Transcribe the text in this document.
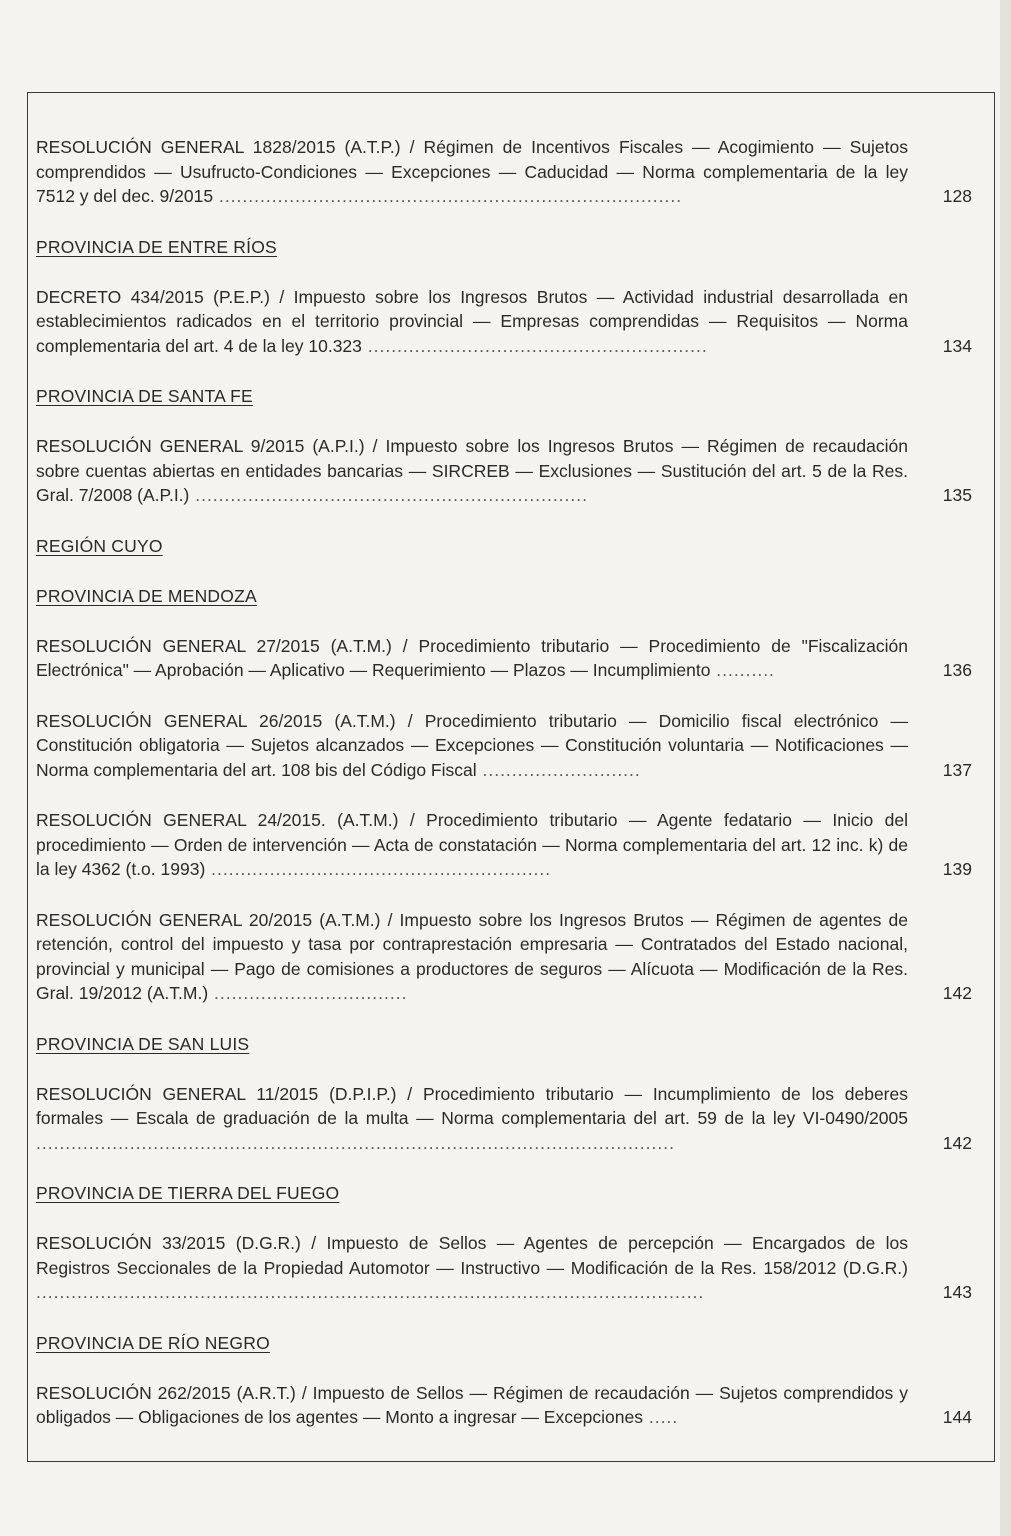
RESOLUCIÓN GENERAL 1828/2015 (A.T.P.) / Régimen de Incentivos Fiscales — Acogimiento — Sujetos comprendidos — Usufructo-Condiciones — Excepciones — Caducidad — Norma complementaria de la ley 7512 y del dec. 9/2015 ...............................................................................	128
PROVINCIA DE ENTRE RÍOS
DECRETO 434/2015 (P.E.P.) / Impuesto sobre los Ingresos Brutos — Actividad industrial desarrollada en establecimientos radicados en el territorio provincial — Empresas comprendidas — Requisitos — Norma complementaria del art. 4 de la ley 10.323 ..........................................................	134
PROVINCIA DE SANTA FE
RESOLUCIÓN GENERAL 9/2015 (A.P.I.) / Impuesto sobre los Ingresos Brutos — Régimen de recaudación sobre cuentas abiertas en entidades bancarias — SIRCREB — Exclusiones — Sustitución del art. 5 de la Res. Gral. 7/2008 (A.P.I.) ...................................................................	135
REGIÓN CUYO
PROVINCIA DE MENDOZA
RESOLUCIÓN GENERAL 27/2015 (A.T.M.) / Procedimiento tributario — Procedimiento de "Fiscalización Electrónica" — Aprobación — Aplicativo — Requerimiento — Plazos — Incumplimiento ..........	136
RESOLUCIÓN GENERAL 26/2015 (A.T.M.) / Procedimiento tributario — Domicilio fiscal electrónico — Constitución obligatoria — Sujetos alcanzados — Excepciones — Constitución voluntaria — Notificaciones — Norma complementaria del art. 108 bis del Código Fiscal ...........................	137
RESOLUCIÓN GENERAL 24/2015. (A.T.M.) / Procedimiento tributario — Agente fedatario — Inicio del procedimiento — Orden de intervención — Acta de constatación — Norma complementaria del art. 12 inc. k) de la ley 4362 (t.o. 1993) ..........................................................	139
RESOLUCIÓN GENERAL 20/2015 (A.T.M.) / Impuesto sobre los Ingresos Brutos — Régimen de agentes de retención, control del impuesto y tasa por contraprestación empresaria — Contratados del Estado nacional, provincial y municipal — Pago de comisiones a productores de seguros — Alícuota — Modificación de la Res. Gral. 19/2012 (A.T.M.) .................................	142
PROVINCIA DE SAN LUIS
RESOLUCIÓN GENERAL 11/2015 (D.P.I.P.) / Procedimiento tributario — Incumplimiento de los deberes formales — Escala de graduación de la multa — Norma complementaria del art. 59 de la ley VI-0490/2005 .............................................................................................................	142
PROVINCIA DE TIERRA DEL FUEGO
RESOLUCIÓN 33/2015 (D.G.R.) / Impuesto de Sellos — Agentes de percepción — Encargados de los Registros Seccionales de la Propiedad Automotor — Instructivo — Modificación de la Res. 158/2012 (D.G.R.) ..................................................................................................................	143
PROVINCIA DE RÍO NEGRO
RESOLUCIÓN 262/2015 (A.R.T.) / Impuesto de Sellos — Régimen de recaudación — Sujetos comprendidos y obligados — Obligaciones de los agentes — Monto a ingresar — Excepciones .....	144
